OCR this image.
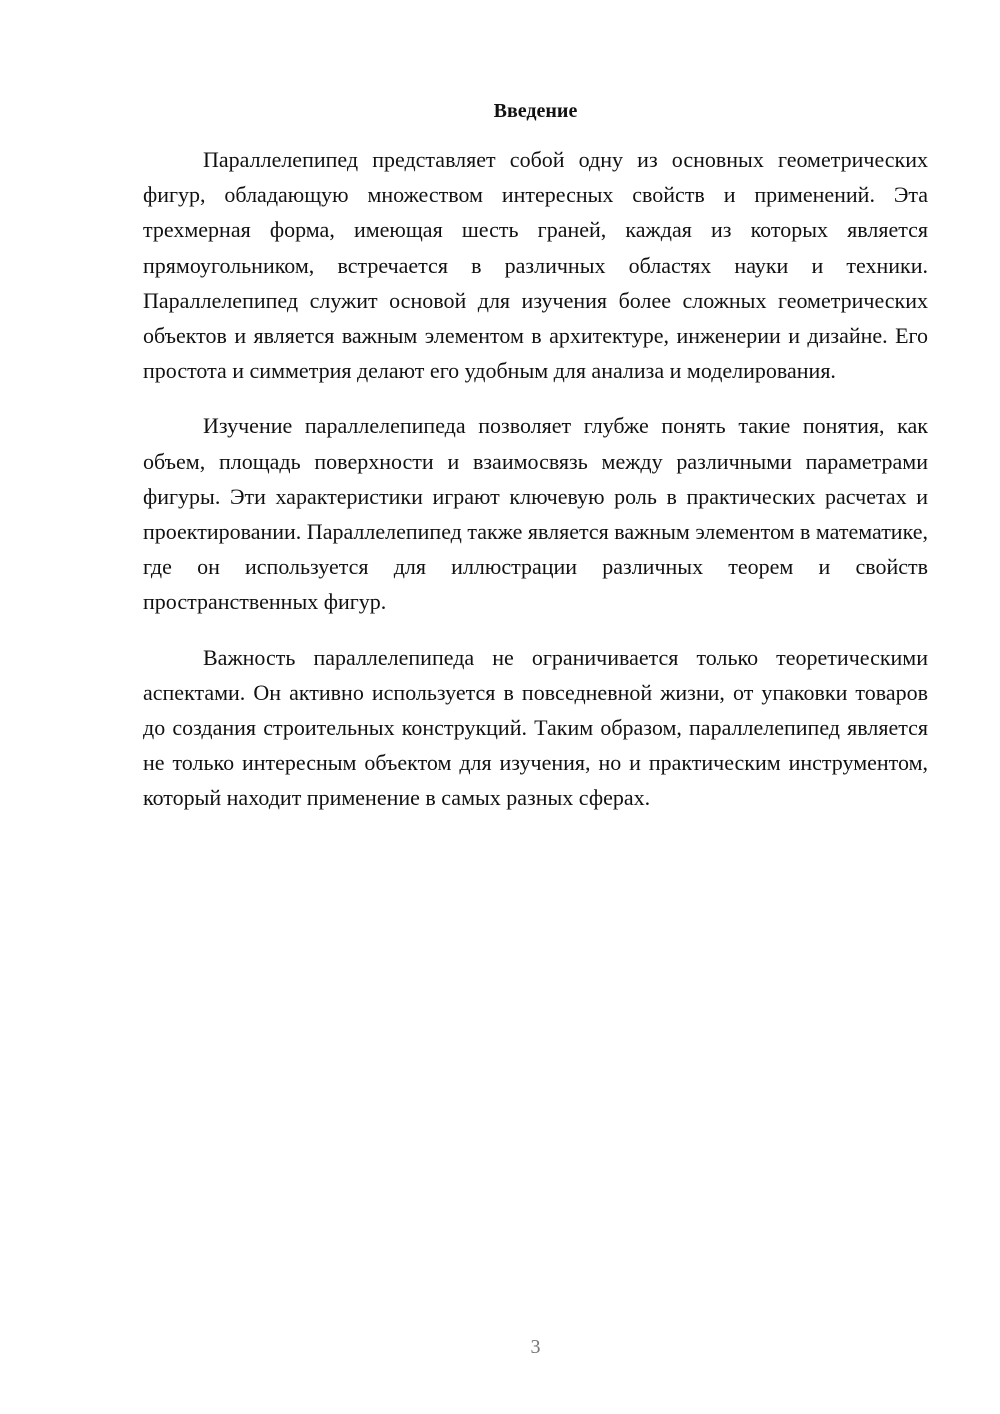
Введение

Параллелепипед представляет собой одну из основных геометрических фигур, обладающую множеством интересных свойств и применений. Эта трехмерная форма, имеющая шесть граней, каждая из которых является прямоугольником, встречается в различных областях науки и техники. Параллелепипед служит основой для изучения более сложных геометрических объектов и является важным элементом в архитектуре, инженерии и дизайне. Его простота и симметрия делают его удобным для анализа и моделирования.

Изучение параллелепипеда позволяет глубже понять такие понятия, как объем, площадь поверхности и взаимосвязь между различными параметрами фигуры. Эти характеристики играют ключевую роль в практических расчетах и проектировании. Параллелепипед также является важным элементом в математике, где он используется для иллюстрации различных теорем и свойств пространственных фигур.

Важность параллелепипеда не ограничивается только теоретическими аспектами. Он активно используется в повседневной жизни, от упаковки товаров до создания строительных конструкций. Таким образом, параллелепипед является не только интересным объектом для изучения, но и практическим инструментом, который находит применение в самых разных сферах.

3
